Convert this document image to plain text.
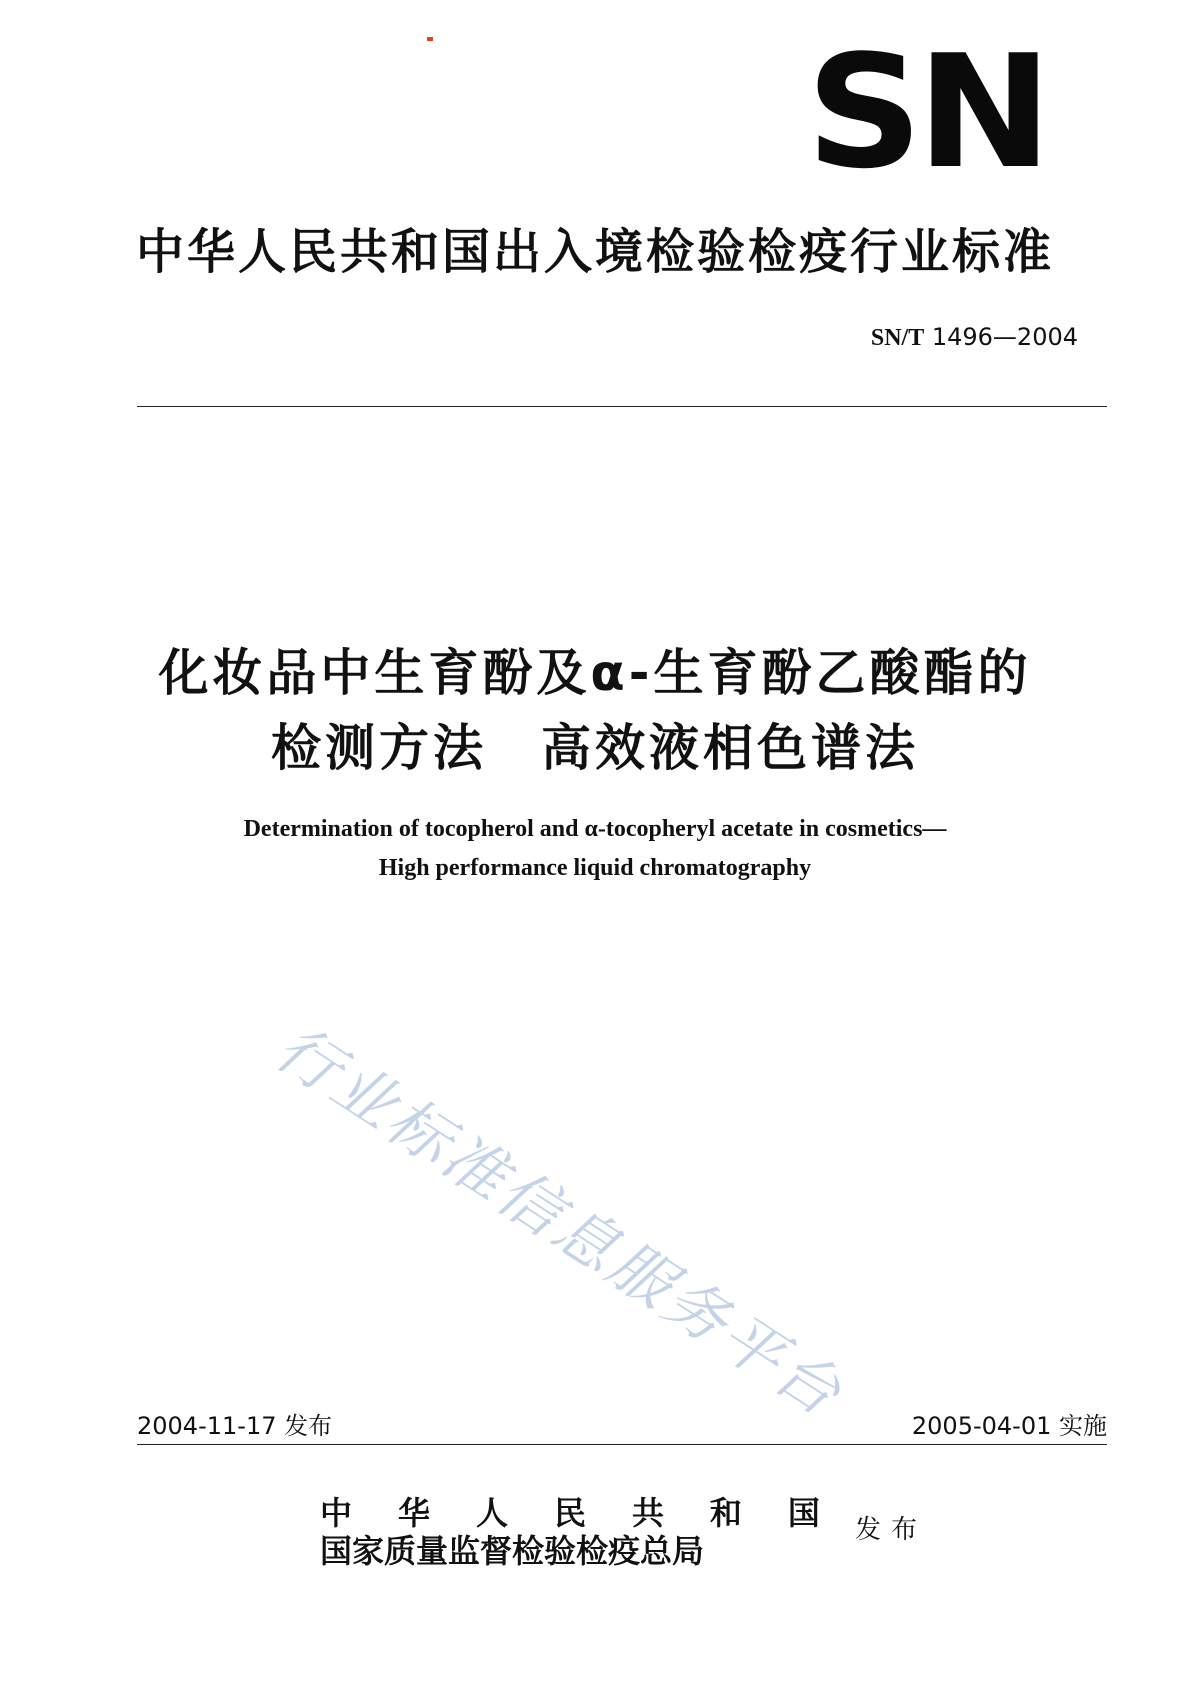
SN
中华人民共和国出入境检验检疫行业标准
SN/T 1496—2004
化妆品中生育酚及α-生育酚乙酸酯的
检测方法　高效液相色谱法
Determination of tocopherol and α-tocopheryl acetate in cosmetics—
High performance liquid chromatography
行业标准信息服务平台
2004-11-17 发布	2005-04-01 实施
中 华 人 民 共 和 国
国家质量监督检验检疫总局
发布
